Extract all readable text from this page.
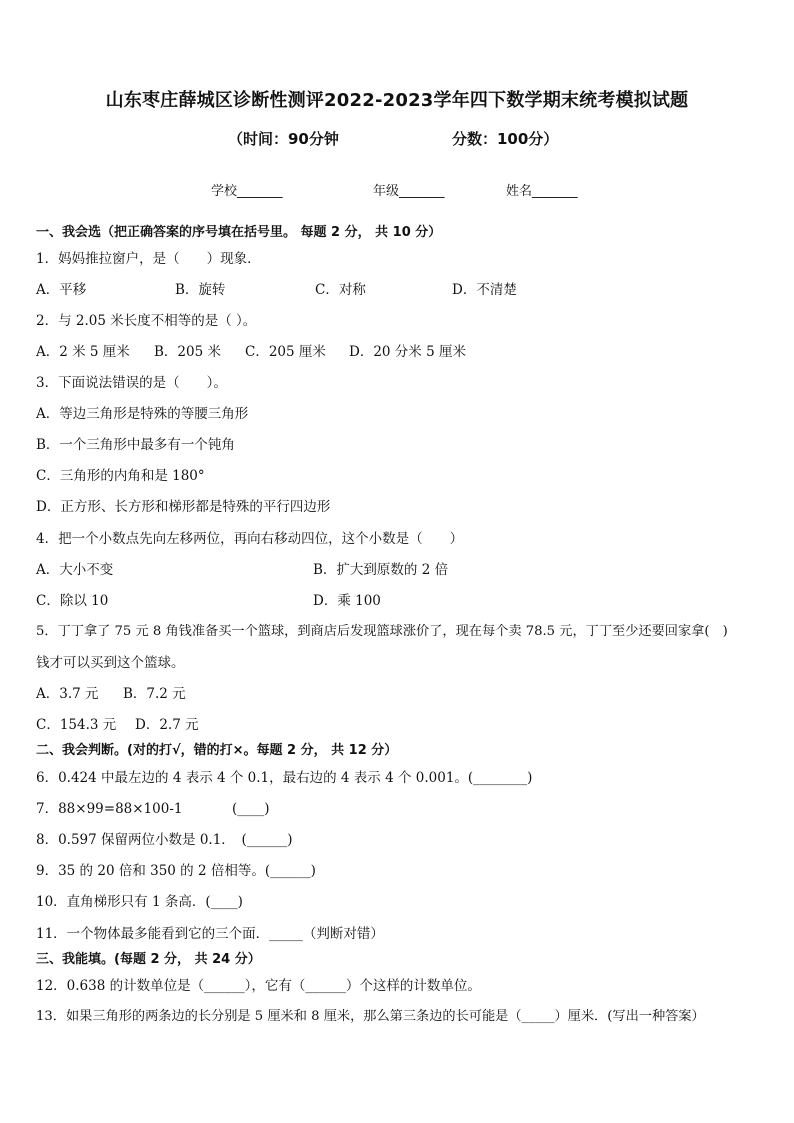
山东枣庄薛城区诊断性测评2022-2023学年四下数学期末统考模拟试题
（时间：90分钟	分数：100分）
学校_______	年级_______	姓名_______
一、我会选（把正确答案的序号填在括号里。 每题 2 分， 共 10 分）
1．妈妈推拉窗户，是（　　）现象．
A．平移	B．旋转	C．对称	D．不清楚
2．与 2.05 米长度不相等的是（ ）。
A．2 米 5 厘米 B．205 米 C．205 厘米 D．20 分米 5 厘米
3．下面说法错误的是（　　）。
A．等边三角形是特殊的等腰三角形
B．一个三角形中最多有一个钝角
C．三角形的内角和是 180°
D．正方形、长方形和梯形都是特殊的平行四边形
4．把一个小数点先向左移两位，再向右移动四位，这个小数是（　　）
A．大小不变	B．扩大到原数的 2 倍
C．除以 10	D．乘 100
5．丁丁拿了 75 元 8 角钱准备买一个篮球，到商店后发现篮球涨价了，现在每个卖 78.5 元，丁丁至少还要回家拿(　)
钱才可以买到这个篮球。
A．3.7 元 B．7.2 元
C．154.3 元 D．2.7 元
二、我会判断。(对的打√，错的打×。每题 2 分， 共 12 分）
6．0.424 中最左边的 4 表示 4 个 0.1，最右边的 4 表示 4 个 0.001。(________)
7．88×99=88×100-1	(____)
8．0.597 保留两位小数是 0.1．　(______)
9．35 的 20 倍和 350 的 2 倍相等。(______)
10．直角梯形只有 1 条高．(____)
11．一个物体最多能看到它的三个面．_____（判断对错）
三、我能填。(每题 2 分， 共 24 分）
12．0.638 的计数单位是（______），它有（______）个这样的计数单位。
13．如果三角形的两条边的长分别是 5 厘米和 8 厘米，那么第三条边的长可能是（_____）厘米．(写出一种答案）
